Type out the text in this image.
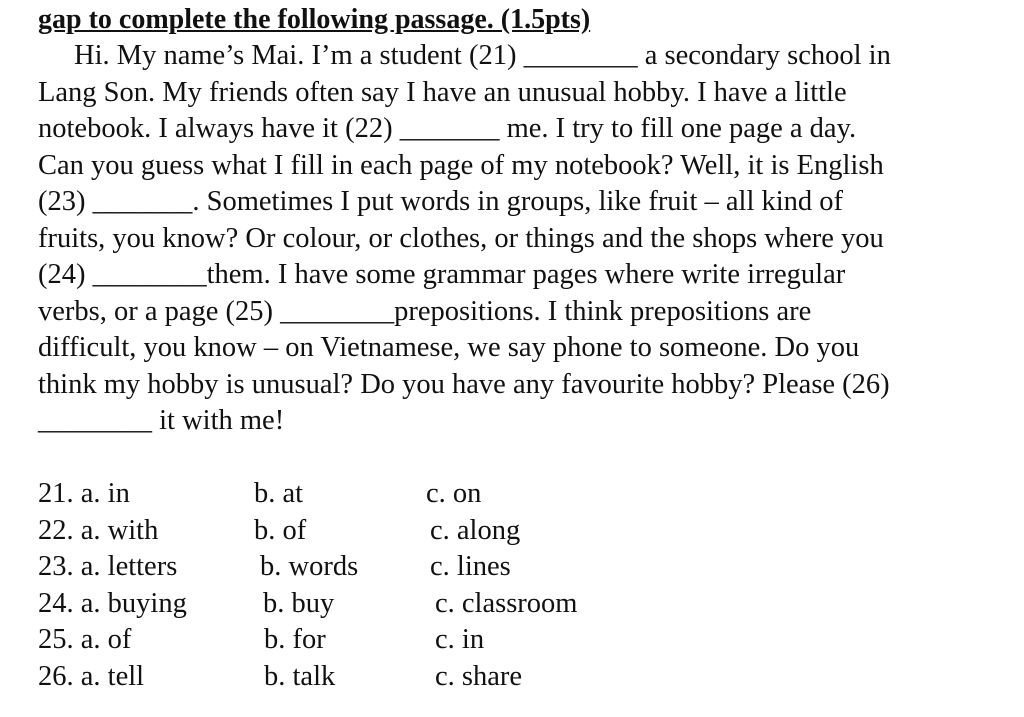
gap to complete the following passage. (1.5pts)
Hi. My name’s Mai. I’m a student (21) ________ a secondary school in
Lang Son. My friends often say I have an unusual hobby. I have a little
notebook. I always have it (22) _______ me. I try to fill one page a day.
Can you guess what I fill in each page of my notebook? Well, it is English
(23) _______. Sometimes I put words in groups, like fruit – all kind of
fruits, you know? Or colour, or clothes, or things and the shops where you
(24) ________them. I have some grammar pages where write irregular
verbs, or a page (25) ________prepositions. I think prepositions are
difficult, you know – on Vietnamese, we say phone to someone. Do you
think my hobby is unusual? Do you have any favourite hobby? Please (26)
________ it with me!
21. a. in	b. at	c. on
22. a. with	b. of	c. along
23. a. letters	b. words	c. lines
24. a. buying	b. buy	c. classroom
25. a. of	b. for	c. in
26. a. tell	b. talk	c. share
